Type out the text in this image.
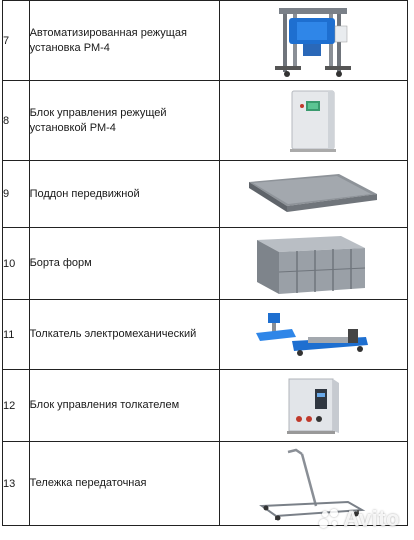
7	Автоматизированная режущая установка РМ-4	

8	Блок управления режущей установкой РМ-4	

9	Поддон передвижной	

10	Борта форм	

11	Толкатель электромеханический	

12	Блок управления толкателем	

13	Тележка передаточная	
Avito
